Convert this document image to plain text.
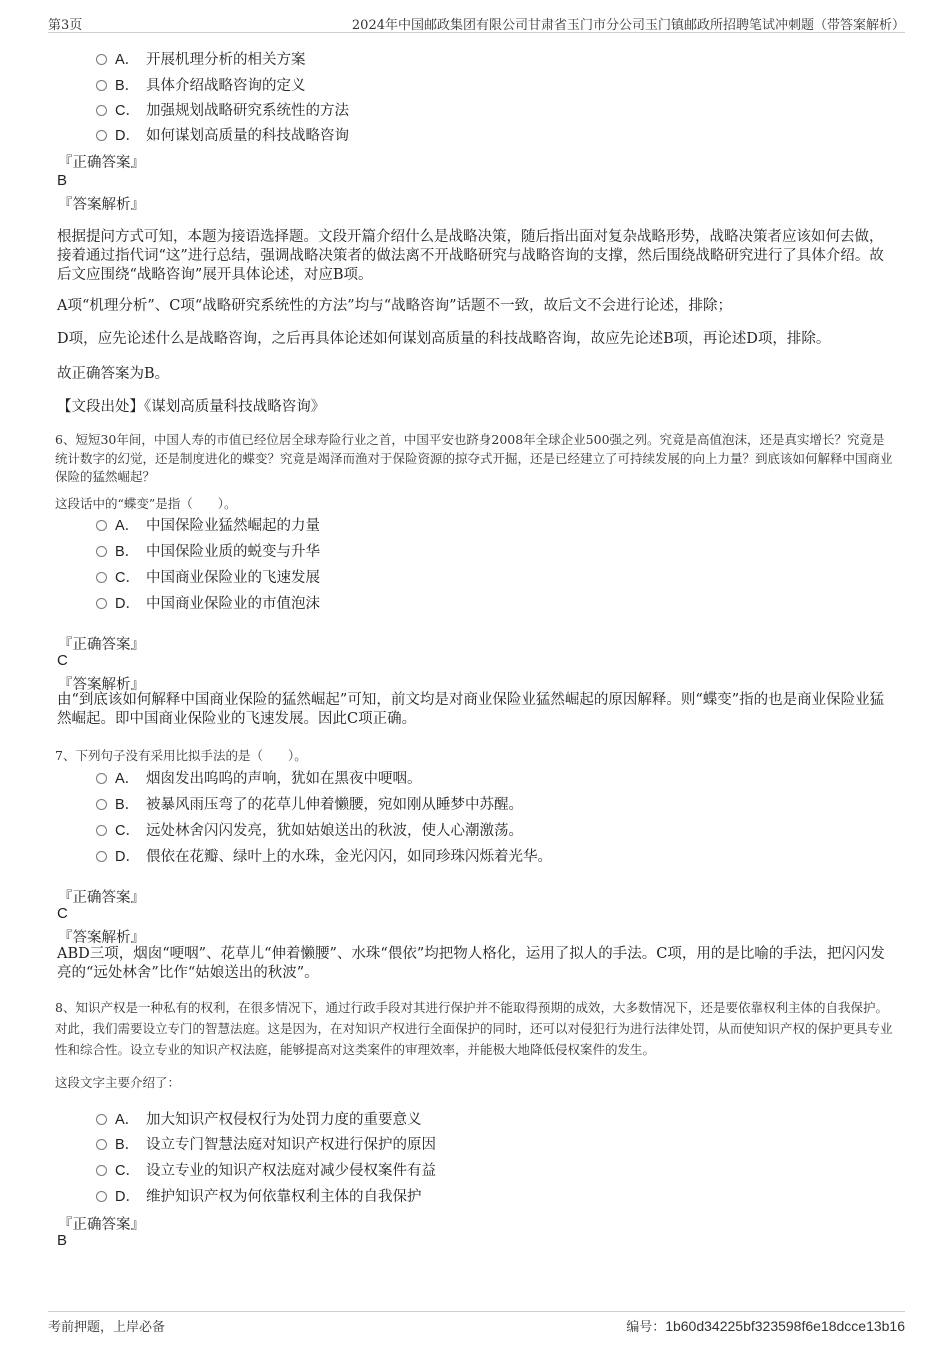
第3页	2024年中国邮政集团有限公司甘肃省玉门市分公司玉门镇邮政所招聘笔试冲刺题（带答案解析）
A． 开展机理分析的相关方案
B． 具体介绍战略咨询的定义
C． 加强规划战略研究系统性的方法
D． 如何谋划高质量的科技战略咨询
『正确答案』
B
『答案解析』
根据提问方式可知，本题为接语选择题。文段开篇介绍什么是战略决策，随后指出面对复杂战略形势，战略决策者应该如何去做，接着通过指代词“这”进行总结，强调战略决策者的做法离不开战略研究与战略咨询的支撑，然后围绕战略研究进行了具体介绍。故后文应围绕“战略咨询”展开具体论述，对应B项。
A项“机理分析”、C项“战略研究系统性的方法”均与“战略咨询”话题不一致，故后文不会进行论述，排除；
D项，应先论述什么是战略咨询，之后再具体论述如何谋划高质量的科技战略咨询，故应先论述B项，再论述D项，排除。
故正确答案为B。
【文段出处】《谋划高质量科技战略咨询》
6、短短30年间，中国人寿的市值已经位居全球寿险行业之首，中国平安也跻身2008年全球企业500强之列。究竟是高值泡沫，还是真实增长？究竟是统计数字的幻觉，还是制度进化的蝶变？究竟是竭泽而渔对于保险资源的掠夺式开掘，还是已经建立了可持续发展的向上力量？到底该如何解释中国商业保险的猛然崛起？
这段话中的“蝶变”是指（　　）。
A． 中国保险业猛然崛起的力量
B． 中国保险业质的蜕变与升华
C． 中国商业保险业的飞速发展
D． 中国商业保险业的市值泡沫
『正确答案』
C
『答案解析』
由“到底该如何解释中国商业保险的猛然崛起”可知，前文均是对商业保险业猛然崛起的原因解释。则“蝶变”指的也是商业保险业猛然崛起。即中国商业保险业的飞速发展。因此C项正确。
7、下列句子没有采用比拟手法的是（　　）。
A． 烟囱发出呜呜的声响，犹如在黑夜中哽咽。
B． 被暴风雨压弯了的花草儿伸着懒腰，宛如刚从睡梦中苏醒。
C． 远处林舍闪闪发亮，犹如姑娘送出的秋波，使人心潮激荡。
D． 偎依在花瓣、绿叶上的水珠，金光闪闪，如同珍珠闪烁着光华。
『正确答案』
C
『答案解析』
ABD三项，烟囱“哽咽”、花草儿“伸着懒腰”、水珠“偎依”均把物人格化，运用了拟人的手法。C项，用的是比喻的手法，把闪闪发亮的“远处林舍”比作“姑娘送出的秋波”。
8、知识产权是一种私有的权利，在很多情况下，通过行政手段对其进行保护并不能取得预期的成效，大多数情况下，还是要依靠权利主体的自我保护。对此，我们需要设立专门的智慧法庭。这是因为，在对知识产权进行全面保护的同时，还可以对侵犯行为进行法律处罚，从而使知识产权的保护更具专业性和综合性。设立专业的知识产权法庭，能够提高对这类案件的审理效率，并能极大地降低侵权案件的发生。
这段文字主要介绍了：
A． 加大知识产权侵权行为处罚力度的重要意义
B． 设立专门智慧法庭对知识产权进行保护的原因
C． 设立专业的知识产权法庭对减少侵权案件有益
D． 维护知识产权为何依靠权利主体的自我保护
『正确答案』
B
考前押题，上岸必备	编号：1b60d34225bf323598f6e18dcce13b16
